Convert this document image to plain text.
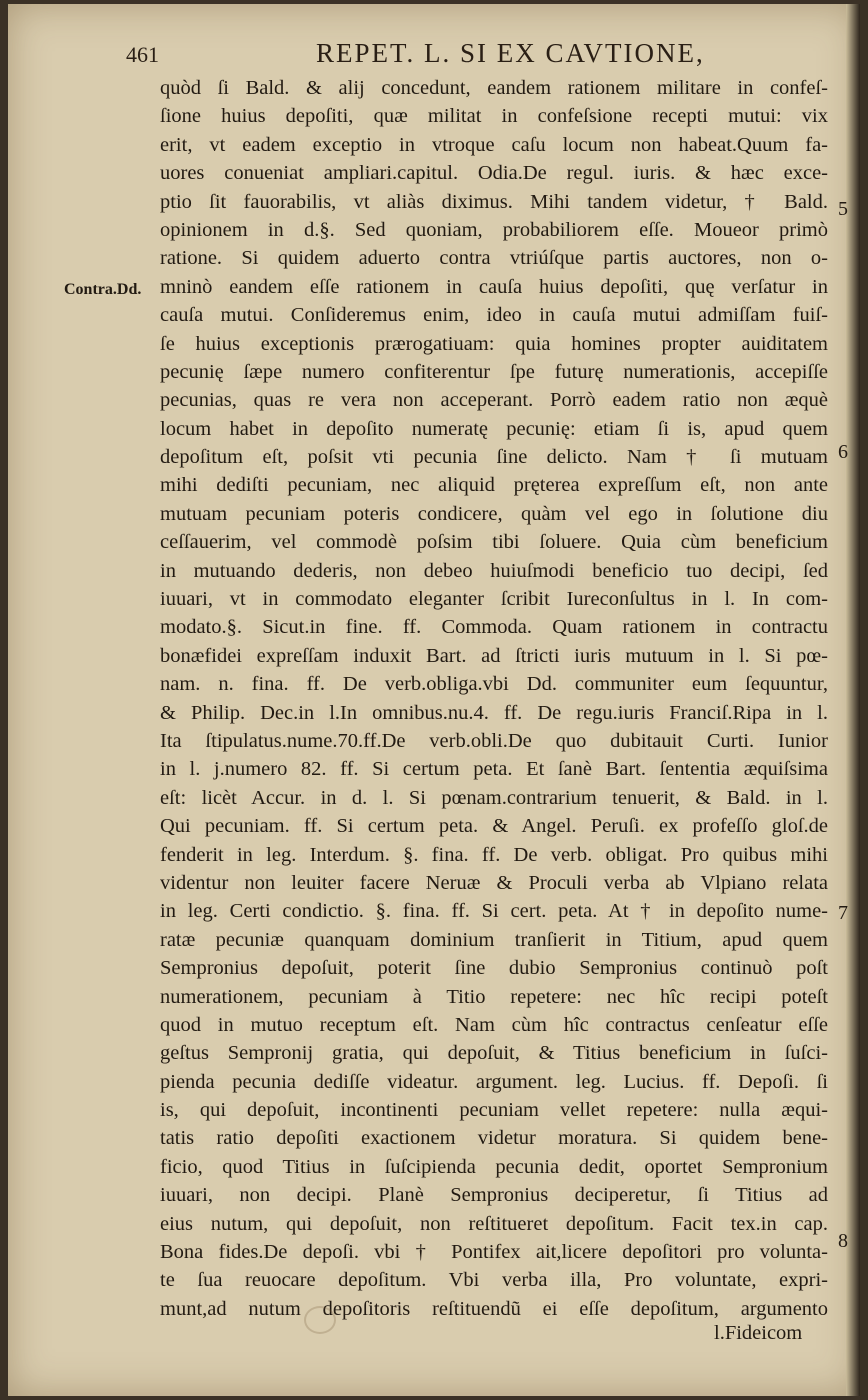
461	REPET. L. SI EX CAVTIONE,
Contra.Dd.
5
6
7
8
quòd ſi Bald. & alij concedunt, eandem rationem militare in confeſ-
ſione huius depoſiti, quæ militat in confeſsione recepti mutui: vix
erit, vt eadem exceptio in vtroque caſu locum non habeat.Quum fa-
uores conueniat ampliari.capitul. Odia.De regul. iuris. & hæc exce-
ptio ſit fauorabilis, vt aliàs diximus. Mihi tandem videtur, † Bald.
opinionem in d.§. Sed quoniam, probabiliorem eſſe. Moueor primò
ratione. Si quidem aduerto contra vtriúſque partis auctores, non o-
mninò eandem eſſe rationem in cauſa huius depoſiti, quę verſatur in
cauſa mutui. Conſideremus enim, ideo in cauſa mutui admiſſam fuiſ-
ſe huius exceptionis prærogatiuam: quia homines propter auiditatem
pecunię ſæpe numero confiterentur ſpe futurę numerationis, accepiſſe
pecunias, quas re vera non acceperant. Porrò eadem ratio non æquè
locum habet in depoſito numeratę pecunię: etiam ſi is, apud quem
depoſitum eſt, poſsit vti pecunia ſine delicto. Nam † ſi mutuam
mihi dediſti pecuniam, nec aliquid prętereа expreſſum eſt, non ante
mutuam pecuniam poteris condicere, quàm vel ego in ſolutione diu
ceſſauerim, vel commodè poſsim tibi ſoluere. Quia cùm beneficium
in mutuando dederis, non debeo huiuſmodi beneficio tuo decipi, ſed
iuuari, vt in commodato eleganter ſcribit Iureconſultus in l. In com-
modato.§. Sicut.in fine. ff. Commoda. Quam rationem in contractu
bonæfidei expreſſam induxit Bart. ad ſtricti iuris mutuum in l. Si pœ-
nam. n. fina. ff. De verb.obliga.vbi Dd. communiter eum ſequuntur,
& Philip. Dec.in l.In omnibus.nu.4. ff. De regu.iuris Franciſ.Ripa in l.
Ita ſtipulatus.nume.70.ff.De verb.obli.De quo dubitauit Curti. Iunior
in l. j.numero 82. ff. Si certum peta. Et ſanè Bart. ſententia æquiſsima
eſt: licèt Accur. in d. l. Si pœnam.contrarium tenuerit, & Bald. in l.
Qui pecuniam. ff. Si certum peta. & Angel. Peruſi. ex profeſſo gloſ.de
fenderit in leg. Interdum. §. fina. ff. De verb. obligat. Pro quibus mihi
videntur non leuiter facere Neruæ & Proculi verba ab Vlpiano relata
in leg. Certi condictio. §. fina. ff. Si cert. peta. At † in depoſito nume-
ratæ pecuniæ quanquam dominium tranſierit in Titium, apud quem
Sempronius depoſuit, poterit ſine dubio Sempronius continuò poſt
numerationem, pecuniam à Titio repetere: nec hîc recipi poteſt
quod in mutuo receptum eſt. Nam cùm hîc contractus cenſeatur eſſe
geſtus Sempronij gratia, qui depoſuit, & Titius beneficium in ſuſci-
pienda pecunia dediſſe videatur. argument. leg. Lucius. ff. Depoſi. ſi
is, qui depoſuit, incontinenti pecuniam vellet repetere: nulla æqui-
tatis ratio depoſiti exactionem videtur moratura. Si quidem bene-
ficio, quod Titius in ſuſcipienda pecunia dedit, oportet Sempronium
iuuari, non decipi. Planè Sempronius deciperetur, ſi Titius ad
eius nutum, qui depoſuit, non reſtitueret depoſitum. Facit tex.in cap.
Bona fides.De depoſi. vbi † Pontifex ait,licere depoſitori pro volunta-
te ſua reuocare depoſitum. Vbi verba illa, Pro voluntate, expri-
munt,ad nutum depoſitoris reſtituendũ ei eſſe depoſitum, argumento
l.Fideicom
